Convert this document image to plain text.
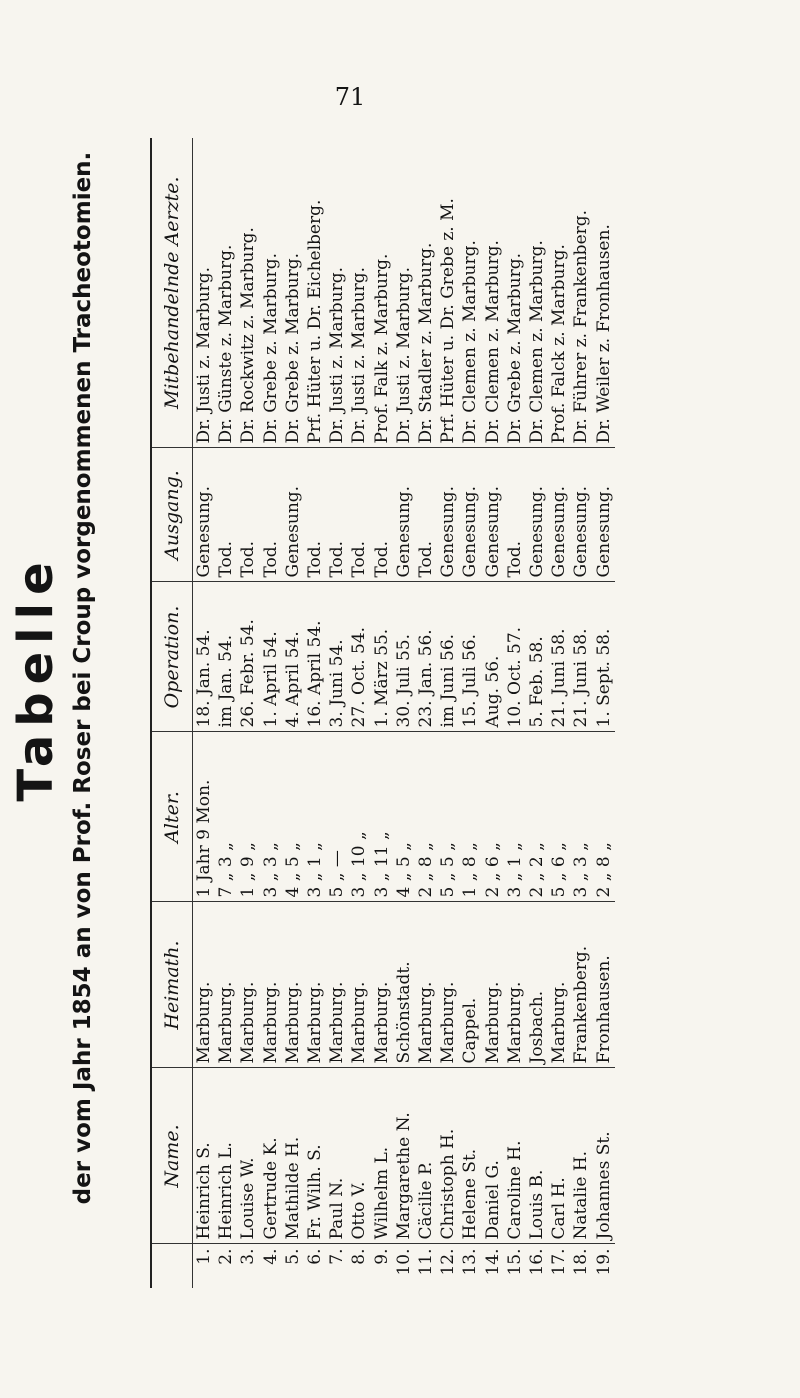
71
Tabelle der vom Jahr 1854 an von Prof. Roser bei Croup vorgenommenen Tracheotomien.
		Name.	Heimath.	Alter.	Operation.	Ausgang.	Mitbehandelnde Aerzte.
1.	Heinrich S.	Marburg.	1 Jahr 9 Mon.	18. Jan. 54.	Genesung.	Dr. Justi z. Marburg.
2.	Heinrich L.	Marburg.	7 „ 3 „	im Jan. 54.	Tod.	Dr. Günste z. Marburg.
3.	Louise W.	Marburg.	1 „ 9 „	26. Febr. 54.	Tod.	Dr. Rockwitz z. Marburg.
4.	Gertrude K.	Marburg.	3 „ 3 „	1. April 54.	Tod.	Dr. Grebe z. Marburg.
5.	Mathilde H.	Marburg.	4 „ 5 „	4. April 54.	Genesung.	Dr. Grebe z. Marburg.
6.	Fr. Wilh. S.	Marburg.	3 „ 1 „	16. April 54.	Tod.	Prf. Hüter u. Dr. Eichelberg.
7.	Paul N.	Marburg.	5 „ —	3. Juni 54.	Tod.	Dr. Justi z. Marburg.
8.	Otto V.	Marburg.	3 „ 10 „	27. Oct. 54.	Tod.	Dr. Justi z. Marburg.
9.	Wilhelm L.	Marburg.	3 „ 11 „	1. März 55.	Tod.	Prof. Falk z. Marburg.
10.	Margarethe N.	Schönstadt.	4 „ 5 „	30. Juli 55.	Genesung.	Dr. Justi z. Marburg.
11.	Cäcilie P.	Marburg.	2 „ 8 „	23. Jan. 56.	Tod.	Dr. Stadler z. Marburg.
12.	Christoph H.	Marburg.	5 „ 5 „	im Juni 56.	Genesung.	Prf. Hüter u. Dr. Grebe z. M.
13.	Helene St.	Cappel.	1 „ 8 „	15. Juli 56.	Genesung.	Dr. Clemen z. Marburg.
14.	Daniel G.	Marburg.	2 „ 6 „	Aug. 56.	Genesung.	Dr. Clemen z. Marburg.
15.	Caroline H.	Marburg.	3 „ 1 „	10. Oct. 57.	Tod.	Dr. Grebe z. Marburg.
16.	Louis B.	Josbach.	2 „ 2 „	5. Feb. 58.	Genesung.	Dr. Clemen z. Marburg.
17.	Carl H.	Marburg.	5 „ 6 „	21. Juni 58.	Genesung.	Prof. Falck z. Marburg.
18.	Natalie H.	Frankenberg.	3 „ 3 „	21. Juni 58.	Genesung.	Dr. Führer z. Frankenberg.
19.	Johannes St.	Fronhausen.	2 „ 8 „	1. Sept. 58.	Genesung.	Dr. Weiler z. Fronhausen.
